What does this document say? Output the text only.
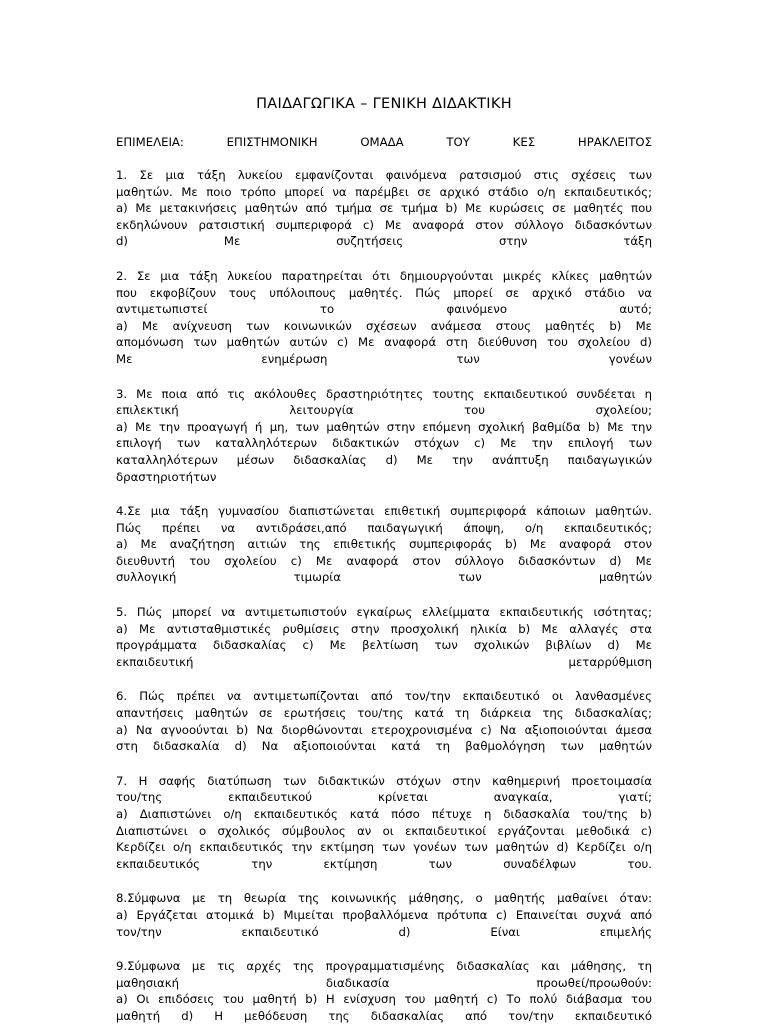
ΠΑΙΔΑΓΩΓΙΚΑ – ΓΕΝΙΚΗ ΔΙΔΑΚΤΙΚΗ
ΕΠΙΜΕΛΕΙΑ:	ΕΠΙΣΤΗΜΟΝΙΚΗ	ΟΜΑΔΑ	ΤΟΥ	ΚΕΣ	ΗΡΑΚΛΕΙΤΟΣ
1. Σε μια τάξη λυκείου εμφανίζονται φαινόμενα ρατσισμού στις σχέσεις των
μαθητών. Με ποιο τρόπο μπορεί να παρέμβει σε αρχικό στάδιο ο/η εκπαιδευτικός;
a) Με μετακινήσεις μαθητών από τμήμα σε τμήμα b) Με κυρώσεις σε μαθητές που
εκδηλώνουν ρατσιστική συμπεριφορά c) Με αναφορά στον σύλλογο διδασκόντων
d) Με συζητήσεις στην τάξη
2. Σε μια τάξη λυκείου παρατηρείται ότι δημιουργούνται μικρές κλίκες μαθητών
που εκφοβίζουν τους υπόλοιπους μαθητές. Πώς μπορεί σε αρχικό στάδιο να
αντιμετωπιστεί το φαινόμενο αυτό;
a) Με ανίχνευση των κοινωνικών σχέσεων ανάμεσα στους μαθητές b) Με
απομόνωση των μαθητών αυτών c) Με αναφορά στη διεύθυνση του σχολείου d)
Με ενημέρωση των γονέων
3. Με ποια από τις ακόλουθες δραστηριότητες τουτης εκπαιδευτικού συνδέεται η
επιλεκτική λειτουργία του σχολείου;
a) Με την προαγωγή ή μη, των μαθητών στην επόμενη σχολική βαθμίδα b) Με την
επιλογή των καταλληλότερων διδακτικών στόχων c) Με την επιλογή των
καταλληλότερων μέσων διδασκαλίας d) Με την ανάπτυξη παιδαγωγικών
δραστηριοτήτων
4.Σε μια τάξη γυμνασίου διαπιστώνεται επιθετική συμπεριφορά κάποιων μαθητών.
Πώς πρέπει να αντιδράσει,από παιδαγωγική άποψη, ο/η εκπαιδευτικός;
a) Με αναζήτηση αιτιών της επιθετικής συμπεριφοράς b) Με αναφορά στον
διευθυντή του σχολείου c) Με αναφορά στον σύλλογο διδασκόντων d) Με
συλλογική τιμωρία των μαθητών
5. Πώς μπορεί να αντιμετωπιστούν εγκαίρως ελλείμματα εκπαιδευτικής ισότητας;
a) Με αντισταθμιστικές ρυθμίσεις στην προσχολική ηλικία b) Με αλλαγές στα
προγράμματα διδασκαλίας c) Με βελτίωση των σχολικών βιβλίων d) Με
εκπαιδευτική μεταρρύθμιση
6. Πώς πρέπει να αντιμετωπίζονται από τον/την εκπαιδευτικό οι λανθασμένες
απαντήσεις μαθητών σε ερωτήσεις του/της κατά τη διάρκεια της διδασκαλίας;
a) Να αγνοούνται b) Να διορθώνονται ετεροχρονισμένα c) Να αξιοποιούνται άμεσα
στη διδασκαλία d) Να αξιοποιούνται κατά τη βαθμολόγηση των μαθητών
7. Η σαφής διατύπωση των διδακτικών στόχων στην καθημερινή προετοιμασία
του/της εκπαιδευτικού κρίνεται αναγκαία, γιατί;
a) Διαπιστώνει ο/η εκπαιδευτικός κατά πόσο πέτυχε η διδασκαλία του/της b)
Διαπιστώνει ο σχολικός σύμβουλος αν οι εκπαιδευτικοί εργάζονται μεθοδικά c)
Κερδίζει ο/η εκπαιδευτικός την εκτίμηση των γονέων των μαθητών d) Κερδίζει ο/η
εκπαιδευτικός την εκτίμηση των συναδέλφων του.
8.Σύμφωνα με τη θεωρία της κοινωνικής μάθησης, ο μαθητής μαθαίνει όταν:
a) Εργάζεται ατομικά b) Μιμείται προβαλλόμενα πρότυπα c) Επαινείται συχνά από
τον/την εκπαιδευτικό d) Είναι επιμελής
9.Σύμφωνα με τις αρχές της προγραμματισμένης διδασκαλίας και μάθησης, τη
μαθησιακή διαδικασία προωθεί/προωθούν:
a) Οι επιδόσεις του μαθητή b) Η ενίσχυση του μαθητή c) Το πολύ διάβασμα του
μαθητή d) Η μεθόδευση της διδασκαλίας από τον/την εκπαιδευτικό
